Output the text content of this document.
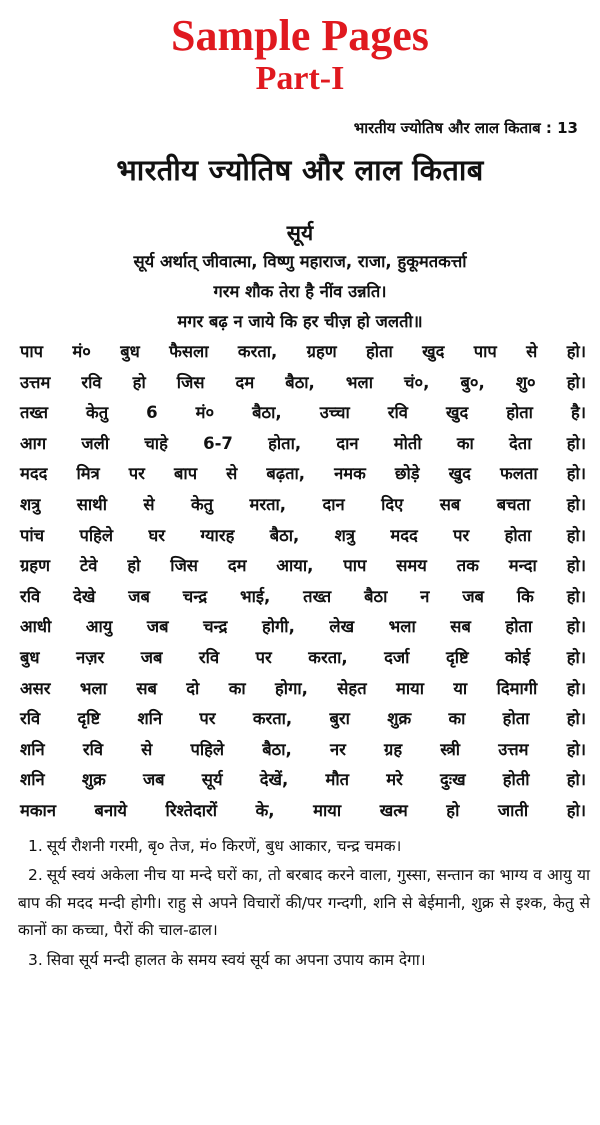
Sample Pages
Part-I
भारतीय ज्योतिष और लाल किताब : 13
भारतीय ज्योतिष और लाल किताब
सूर्य
सूर्य अर्थात् जीवात्मा, विष्णु महाराज, राजा, हुकूमतकर्त्ता
गरम शौक तेरा है नींव उन्नति।
मगर बढ़ न जाये कि हर चीज़ हो जलती॥
पाप मं० बुध फैसला करता, ग्रहण होता खुद पाप से हो।
उत्तम रवि हो जिस दम बैठा, भला चं०, बु०, शु० हो।
तख्त केतु 6 मं० बैठा, उच्चा रवि खुद होता है।
आग जली चाहे 6-7 होता, दान मोती का देता हो।
मदद मित्र पर बाप से बढ़ता, नमक छोड़े खुद फलता हो।
शत्रु साथी से केतु मरता, दान दिए सब बचता हो।
पांच पहिले घर ग्यारह बैठा, शत्रु मदद पर होता हो।
ग्रहण टेवे हो जिस दम आया, पाप समय तक मन्दा हो।
रवि देखे जब चन्द्र भाई, तख्त बैठा न जब कि हो।
आधी आयु जब चन्द्र होगी, लेख भला सब होता हो।
बुध नज़र जब रवि पर करता, दर्जा दृष्टि कोई हो।
असर भला सब दो का होगा, सेहत माया या दिमागी हो।
रवि दृष्टि शनि पर करता, बुरा शुक्र का होता हो।
शनि रवि से पहिले बैठा, नर ग्रह स्त्री उत्तम हो।
शनि शुक्र जब सूर्य देखें, मौत मरे दुःख होती हो।
मकान बनाये रिश्तेदारों के, माया खत्म हो जाती हो।
1. सूर्य रौशनी गरमी, बृ० तेज, मं० किरणें, बुध आकार, चन्द्र चमक।
2. सूर्य स्वयं अकेला नीच या मन्दे घरों का, तो बरबाद करने वाला, गुस्सा, सन्तान का भाग्य व आयु या बाप की मदद मन्दी होगी। राहु से अपने विचारों की/पर गन्दगी, शनि से बेईमानी, शुक्र से इश्क, केतु से कानों का कच्चा, पैरों की चाल-ढाल।
3. सिवा सूर्य मन्दी हालत के समय स्वयं सूर्य का अपना उपाय काम देगा।
